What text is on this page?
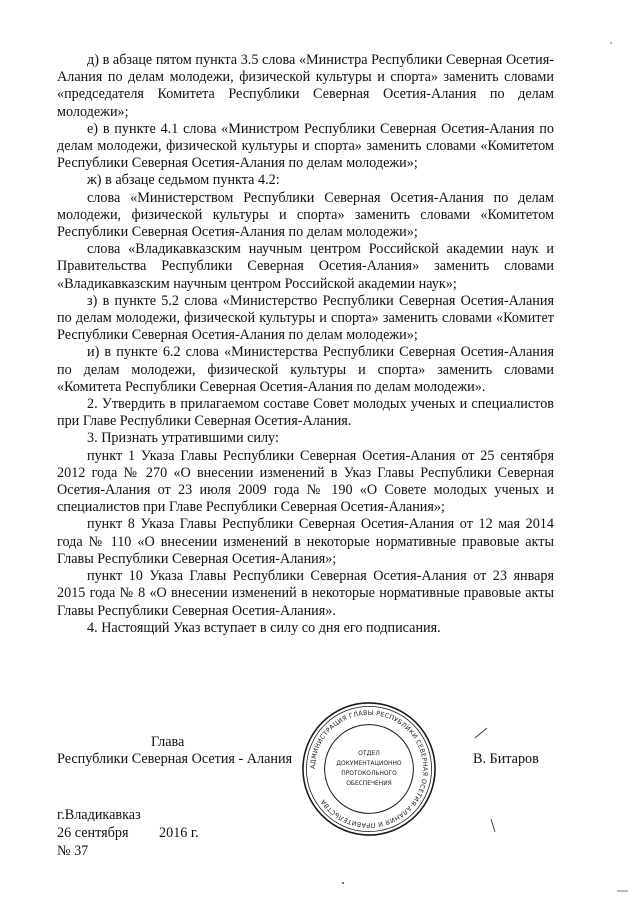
д) в абзаце пятом пункта 3.5 слова «Министра Республики Северная Осетия-Алания по делам молодежи, физической культуры и спорта» заменить словами «председателя Комитета Республики Северная Осетия-Алания по делам молодежи»;

е) в пункте 4.1 слова «Министром Республики Северная Осетия-Алания по делам молодежи, физической культуры и спорта» заменить словами «Комитетом Республики Северная Осетия-Алания по делам молодежи»;

ж) в абзаце седьмом пункта 4.2:

слова «Министерством Республики Северная Осетия-Алания по делам молодежи, физической культуры и спорта» заменить словами «Комитетом Республики Северная Осетия-Алания по делам молодежи»;

слова «Владикавказским научным центром Российской академии наук и Правительства Республики Северная Осетия-Алания» заменить словами «Владикавказским научным центром Российской академии наук»;

з) в пункте 5.2 слова «Министерство Республики Северная Осетия-Алания по делам молодежи, физической культуры и спорта» заменить словами «Комитет Республики Северная Осетия-Алания по делам молодежи»;

и) в пункте 6.2 слова «Министерства Республики Северная Осетия-Алания по делам молодежи, физической культуры и спорта» заменить словами «Комитета Республики Северная Осетия-Алания по делам молодежи».

2. Утвердить в прилагаемом составе Совет молодых ученых и специалистов при Главе Республики Северная Осетия-Алания.

3. Признать утратившими силу:

пункт 1 Указа Главы Республики Северная Осетия-Алания от 25 сентября 2012 года № 270 «О внесении изменений в Указ Главы Республики Северная Осетия-Алания от 23 июля 2009 года № 190 «О Совете молодых ученых и специалистов при Главе Республики Северная Осетия-Алания»;

пункт 8 Указа Главы Республики Северная Осетия-Алания от 12 мая 2014 года № 110 «О внесении изменений в некоторые нормативные правовые акты Главы Республики Северная Осетия-Алания»;

пункт 10 Указа Главы Республики Северная Осетия-Алания от 23 января 2015 года № 8 «О внесении изменений в некоторые нормативные правовые акты Главы Республики Северная Осетия-Алания».

4. Настоящий Указ вступает в силу со дня его подписания.

Глава
Республики Северная Осетия - Алания	В. Битаров
г.Владикавказ
26 сентября 2016 г.
№ 37
АДМИНИСТРАЦИЯ ГЛАВЫ РЕСПУБЛИКИ СЕВЕРНАЯ ОСЕТИЯ-АЛАНИЯ И ПРАВИТЕЛЬСТВА
ОТДЕЛ
ДОКУМЕНТАЦИОННО
ПРОТОКОЛЬНОГО
ОБЕСПЕЧЕНИЯ
